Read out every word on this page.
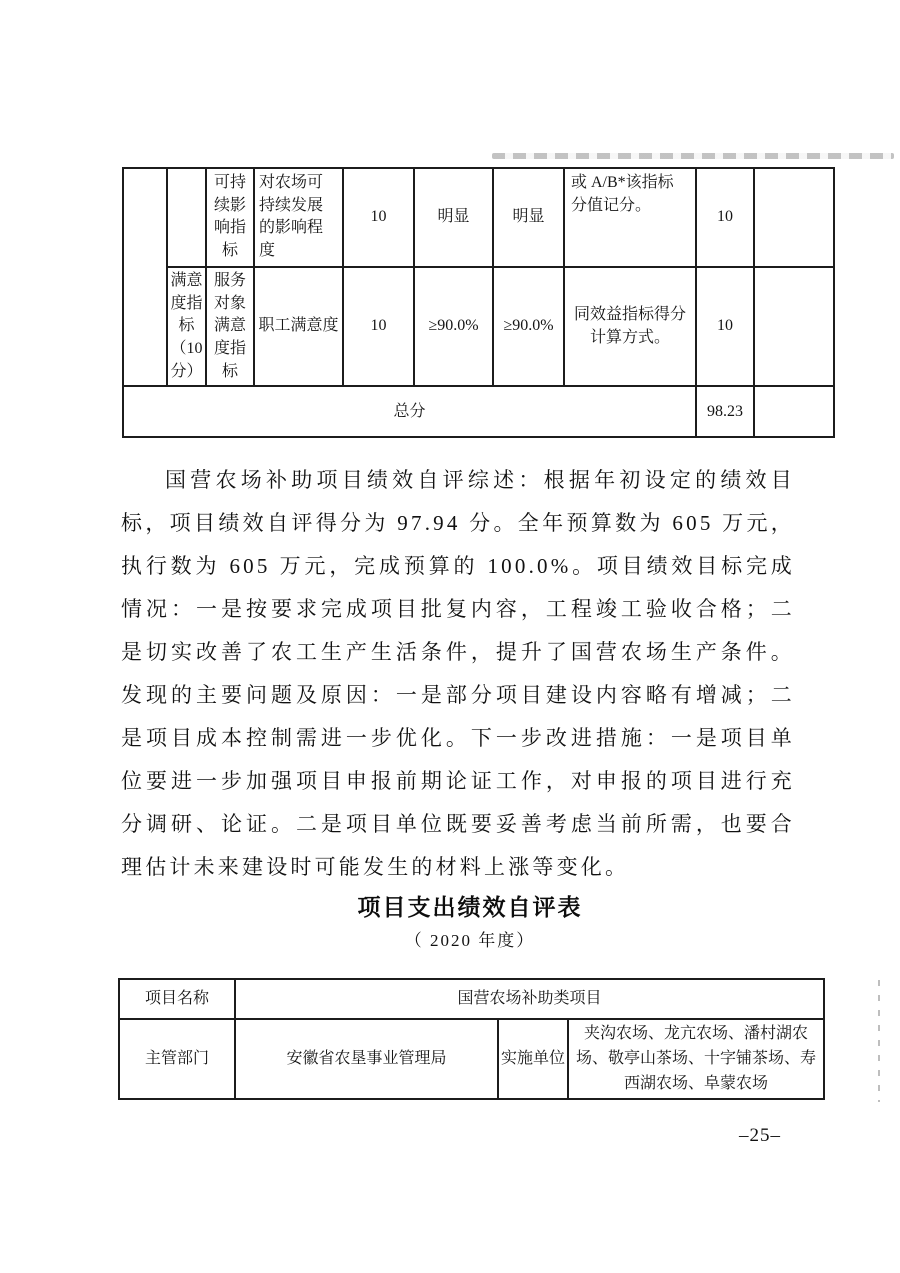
		可持续影响指标	对农场可持续发展的影响程度	10	明显	明显	或 A/B*该指标分值记分。	10	
	满意度指标（10分）	服务对象满意度指标	职工满意度	10	≥90.0%	≥90.0%	同效益指标得分计算方式。	10	
总分								98.23	
国营农场补助项目绩效自评综述：根据年初设定的绩效目标，项目绩效自评得分为 97.94 分。全年预算数为 605 万元，执行数为 605 万元，完成预算的 100.0%。项目绩效目标完成情况：一是按要求完成项目批复内容，工程竣工验收合格；二是切实改善了农工生产生活条件，提升了国营农场生产条件。发现的主要问题及原因：一是部分项目建设内容略有增减；二是项目成本控制需进一步优化。下一步改进措施：一是项目单位要进一步加强项目申报前期论证工作，对申报的项目进行充分调研、论证。二是项目单位既要妥善考虑当前所需，也要合理估计未来建设时可能发生的材料上涨等变化。
项目支出绩效自评表
（ 2020 年度）
项目名称	国营农场补助类项目		
主管部门	安徽省农垦事业管理局	实施单位	夹沟农场、龙亢农场、潘村湖农场、敬亭山茶场、十字铺茶场、寿西湖农场、阜蒙农场
–25–
